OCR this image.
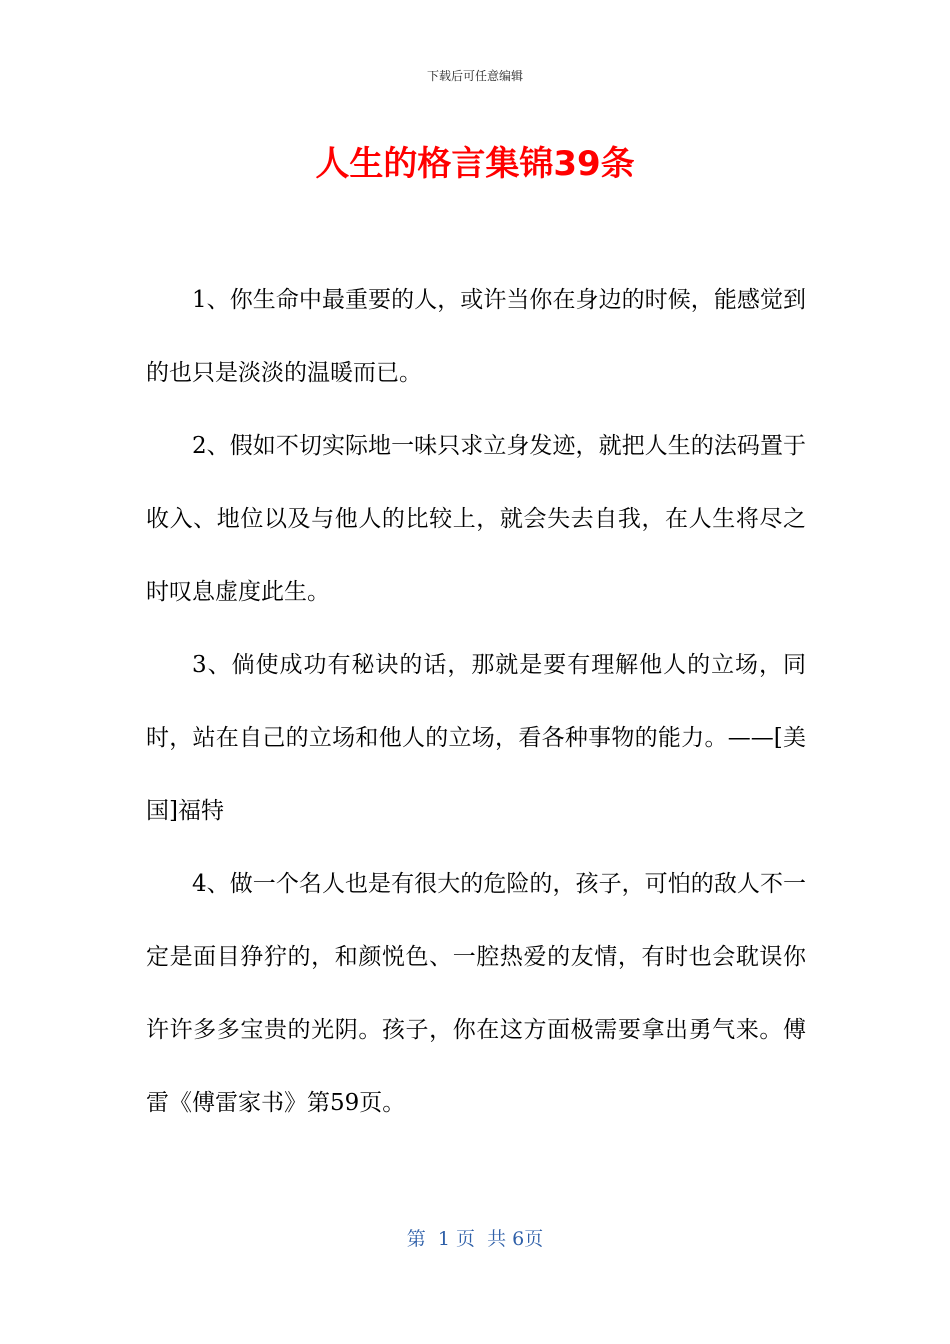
下载后可任意编辑
人生的格言集锦39条

1、你生命中最重要的人，或许当你在身边的时候，能感觉到的也只是淡淡的温暖而已。

2、假如不切实际地一味只求立身发迹，就把人生的法码置于收入、地位以及与他人的比较上，就会失去自我，在人生将尽之时叹息虚度此生。

3、倘使成功有秘诀的话，那就是要有理解他人的立场，同时，站在自己的立场和他人的立场，看各种事物的能力。——[美国]福特

4、做一个名人也是有很大的危险的，孩子，可怕的敌人不一定是面目狰狞的，和颜悦色、一腔热爱的友情，有时也会耽误你许许多多宝贵的光阴。孩子，你在这方面极需要拿出勇气来。傅雷《傅雷家书》第59页。

第  1 页  共 6页
